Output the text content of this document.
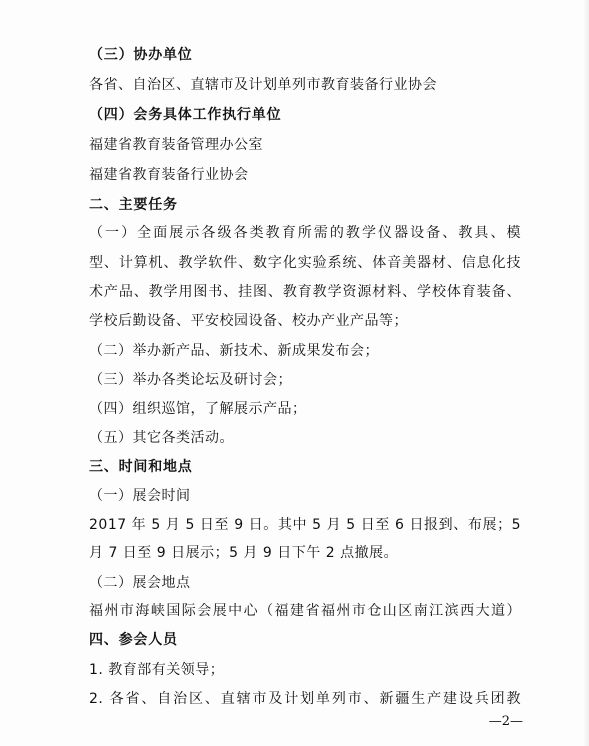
（三）协办单位
各省、自治区、直辖市及计划单列市教育装备行业协会
（四）会务具体工作执行单位
福建省教育装备管理办公室
福建省教育装备行业协会
二、主要任务
（一）全面展示各级各类教育所需的教学仪器设备、教具、模
型、计算机、教学软件、数字化实验系统、体音美器材、信息化技
术产品、教学用图书、挂图、教育教学资源材料、学校体育装备、
学校后勤设备、平安校园设备、校办产业产品等；
（二）举办新产品、新技术、新成果发布会；
（三）举办各类论坛及研讨会；
（四）组织巡馆，了解展示产品；
（五）其它各类活动。
三、时间和地点
（一）展会时间
2017 年 5 月 5 日至 9 日。其中 5 月 5 日至 6 日报到、布展；5
月 7 日至 9 日展示；5 月 9 日下午 2 点撤展。
（二）展会地点
福州市海峡国际会展中心（福建省福州市仓山区南江滨西大道）
四、参会人员
1. 教育部有关领导；
2. 各省、自治区、直辖市及计划单列市、新疆生产建设兵团教
—2—
